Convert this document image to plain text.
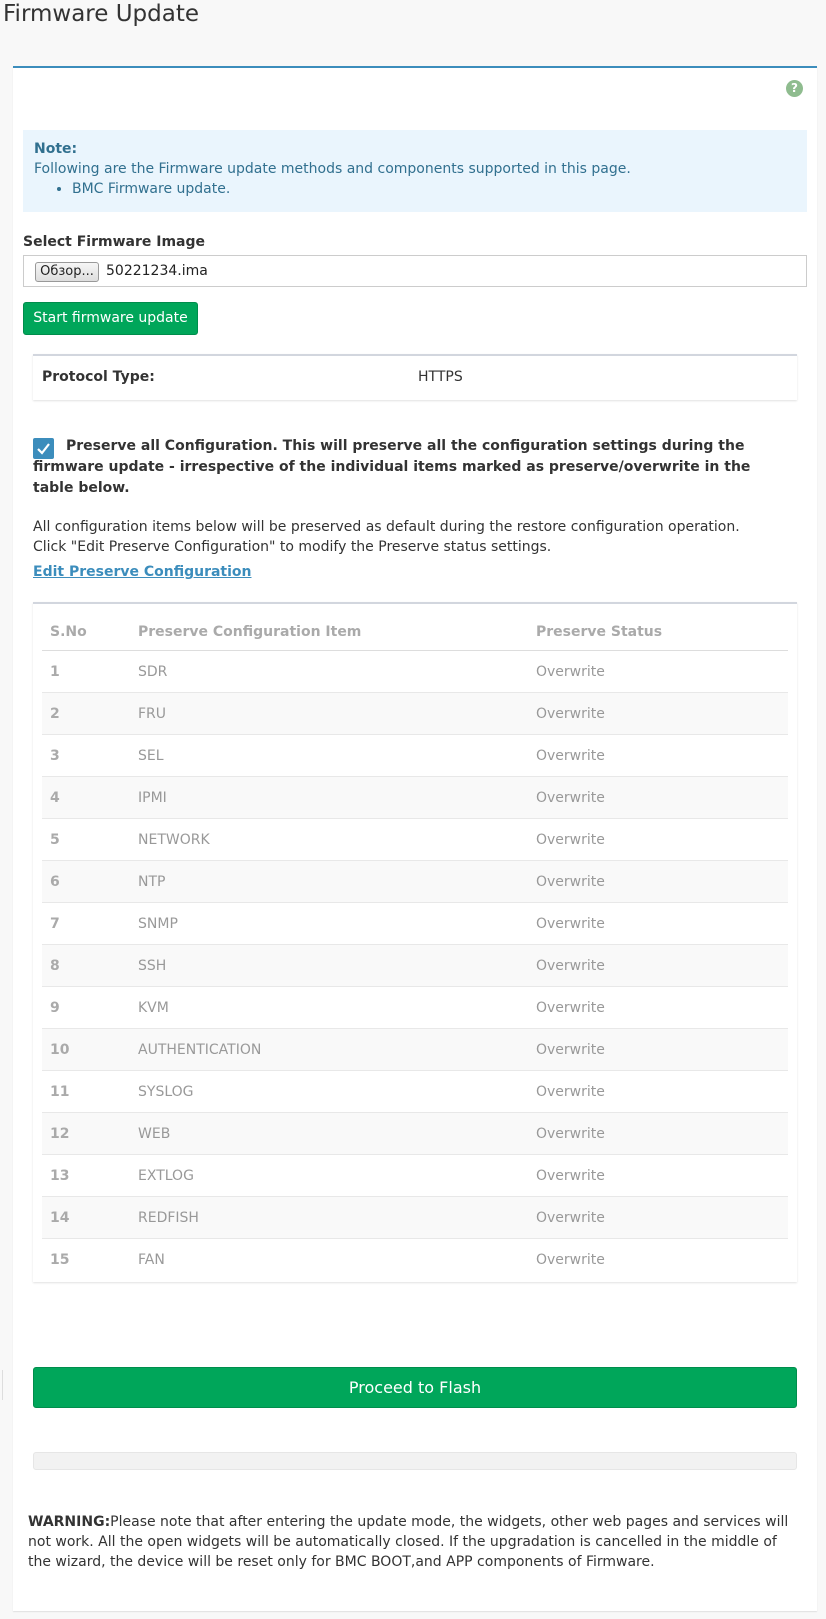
Firmware Update
?
Note:
Following are the Firmware update methods and components supported in this page.
• BMC Firmware update.
Select Firmware Image
Обзор... 50221234.ima
Start firmware update
Protocol Type:	HTTPS
Preserve all Configuration. This will preserve all the configuration settings during the firmware update - irrespective of the individual items marked as preserve/overwrite in the table below.
All configuration items below will be preserved as default during the restore configuration operation. Click "Edit Preserve Configuration" to modify the Preserve status settings.
Edit Preserve Configuration
S.No	Preserve Configuration Item	Preserve Status
1	SDR	Overwrite
2	FRU	Overwrite
3	SEL	Overwrite
4	IPMI	Overwrite
5	NETWORK	Overwrite
6	NTP	Overwrite
7	SNMP	Overwrite
8	SSH	Overwrite
9	KVM	Overwrite
10	AUTHENTICATION	Overwrite
11	SYSLOG	Overwrite
12	WEB	Overwrite
13	EXTLOG	Overwrite
14	REDFISH	Overwrite
15	FAN	Overwrite
Proceed to Flash
WARNING:Please note that after entering the update mode, the widgets, other web pages and services will not work. All the open widgets will be automatically closed. If the upgradation is cancelled in the middle of the wizard, the device will be reset only for BMC BOOT,and APP components of Firmware.
